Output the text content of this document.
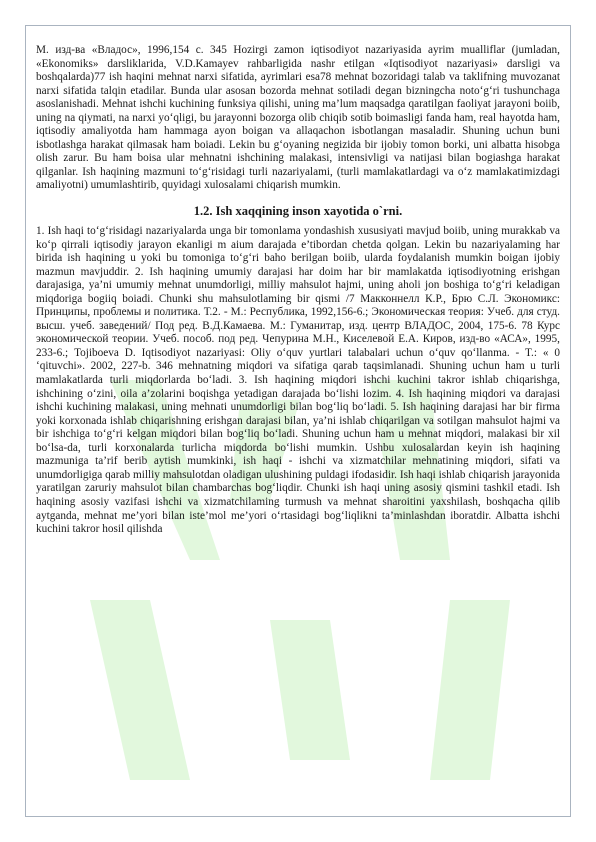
M. изд-ва «Владос», 1996,154 с. 345 Hozirgi zamon iqtisodiyot nazariyasida ayrim mualliflar (jumladan, «Ekonomiks» darsliklarida, V.D.Kamayev rahbarligida nashr etilgan «Iqtisodiyot nazariyasi» darsligi va boshqalarda)77 ish haqini mehnat narxi sifatida, ayrimlari esa78 mehnat bozoridagi talab va taklifning muvozanat narxi sifatida talqin etadilar. Bunda ular asosan bozorda mehnat sotiladi degan bizningcha noto‘g‘ri tushunchaga asoslanishadi. Mehnat ishchi kuchining funksiya qilishi, uning ma’lum maqsadga qaratilgan faoliyat jarayoni boiib, uning na qiymati, na narxi yo‘qligi, bu jarayonni bozorga olib chiqib sotib boimasligi fanda ham, real hayotda ham, iqtisodiy amaliyotda ham hammaga ayon boigan va allaqachon isbotlangan masaladir. Shuning uchun buni isbotlashga harakat qilmasak ham boiadi. Lekin bu g‘oyaning negizida bir ijobiy tomon borki, uni albatta hisobga olish zarur. Bu ham boisa ular mehnatni ishchining malakasi, intensivligi va natijasi bilan bogiashga harakat qilganlar. Ish haqining mazmuni to‘g‘risidagi turli nazariyalami, (turli mamlakatlardagi va o‘z mamlakatimizdagi amaliyotni) umumlashtirib, quyidagi xulosalami chiqarish mumkin.

1.2. Ish xaqqining inson xayotida o`rni.

1. Ish haqi to‘g‘risidagi nazariyalarda unga bir tomonlama yondashish xususiyati mavjud boiib, uning murakkab va ko‘p qirrali iqtisodiy jarayon ekanligi m aium darajada e’tibordan chetda qolgan. Lekin bu nazariyalaming har birida ish haqining u yoki bu tomoniga to‘g‘ri baho berilgan boiib, ularda foydalanish mumkin boigan ijobiy mazmun mavjuddir. 2. Ish haqining umumiy darajasi har doim har bir mamlakatda iqtisodiyotning erishgan darajasiga, ya’ni umumiy mehnat unumdorligi, milliy mahsulot hajmi, uning aholi jon boshiga to‘g‘ri keladigan miqdoriga bogiiq boiadi. Chunki shu mahsulotlaming bir qismi /7 Макконнелл К.Р., Брю С.Л. Экономикс: Принципы, проблемы и политика. Т.2. - М.: Республика, 1992,156-6.; Экономическая теория: Учеб. для студ. высш. учеб. заведений/ Под ред. В.Д.Камаева. М.: Гуманитар, изд. центр ВЛАДОС, 2004, 175-6. 78 Курс экономической теории. Учеб. пособ. под ред. Чепурина М.Н., Киселевой Е.А. Киров, изд-во «АСА», 1995, 233-6.; Tojiboeva D. Iqtisodiyot nazariyasi: Oliy o‘quv yurtlari talabalari uchun o‘quv qo‘llanma. - T.: « 0 ‘qituvchi». 2002, 227-b. 346 mehnatning miqdori va sifatiga qarab taqsimlanadi. Shuning uchun ham u turli mamlakatlarda turli miqdorlarda bo‘ladi. 3. Ish haqining miqdori ishchi kuchini takror ishlab chiqarishga, ishchining o‘zini, oila a’zolarini boqishga yetadigan darajada bo‘lishi lozim. 4. Ish haqining miqdori va darajasi ishchi kuchining malakasi, uning mehnati unumdorligi bilan bog‘liq bo‘ladi. 5. Ish haqining darajasi har bir firma yoki korxonada ishlab chiqarishning erishgan darajasi bilan, ya’ni ishlab chiqarilgan va sotilgan mahsulot hajmi va bir ishchiga to‘g‘ri kelgan miqdori bilan bog‘liq bo‘ladi. Shuning uchun ham u mehnat miqdori, malakasi bir xil bo‘lsa-da, turli korxonalarda turlicha miqdorda bo‘lishi mumkin. Ushbu xulosalardan keyin ish haqining mazmuniga ta’rif berib aytish mumkinki, ish haqi - ishchi va xizmatchilar mehnatining miqdori, sifati va unumdorligiga qarab milliy mahsulotdan oladigan ulushining puldagi ifodasidir. Ish haqi ishlab chiqarish jarayonida yaratilgan zaruriy mahsulot bilan chambarchas bog‘liqdir. Chunki ish haqi uning asosiy qismini tashkil etadi. Ish haqining asosiy vazifasi ishchi va xizmatchilaming turmush va mehnat sharoitini yaxshilash, boshqacha qilib aytganda, mehnat me’yori bilan iste’mol me’yori o‘rtasidagi bog‘liqlikni ta’minlashdan iboratdir. Albatta ishchi kuchini takror hosil qilishda
